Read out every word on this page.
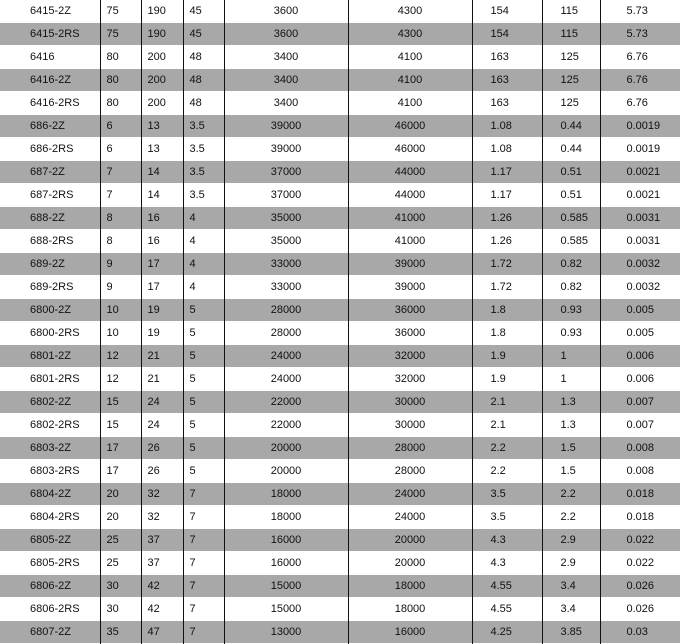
6415-2Z	75	190	45	3600	4300	154	115	5.73
6415-2RS	75	190	45	3600	4300	154	115	5.73
6416	80	200	48	3400	4100	163	125	6.76
6416-2Z	80	200	48	3400	4100	163	125	6.76
6416-2RS	80	200	48	3400	4100	163	125	6.76
686-2Z	6	13	3.5	39000	46000	1.08	0.44	0.0019
686-2RS	6	13	3.5	39000	46000	1.08	0.44	0.0019
687-2Z	7	14	3.5	37000	44000	1.17	0.51	0.0021
687-2RS	7	14	3.5	37000	44000	1.17	0.51	0.0021
688-2Z	8	16	4	35000	41000	1.26	0.585	0.0031
688-2RS	8	16	4	35000	41000	1.26	0.585	0.0031
689-2Z	9	17	4	33000	39000	1.72	0.82	0.0032
689-2RS	9	17	4	33000	39000	1.72	0.82	0.0032
6800-2Z	10	19	5	28000	36000	1.8	0.93	0.005
6800-2RS	10	19	5	28000	36000	1.8	0.93	0.005
6801-2Z	12	21	5	24000	32000	1.9	1	0.006
6801-2RS	12	21	5	24000	32000	1.9	1	0.006
6802-2Z	15	24	5	22000	30000	2.1	1.3	0.007
6802-2RS	15	24	5	22000	30000	2.1	1.3	0.007
6803-2Z	17	26	5	20000	28000	2.2	1.5	0.008
6803-2RS	17	26	5	20000	28000	2.2	1.5	0.008
6804-2Z	20	32	7	18000	24000	3.5	2.2	0.018
6804-2RS	20	32	7	18000	24000	3.5	2.2	0.018
6805-2Z	25	37	7	16000	20000	4.3	2.9	0.022
6805-2RS	25	37	7	16000	20000	4.3	2.9	0.022
6806-2Z	30	42	7	15000	18000	4.55	3.4	0.026
6806-2RS	30	42	7	15000	18000	4.55	3.4	0.026
6807-2Z	35	47	7	13000	16000	4.25	3.85	0.03
